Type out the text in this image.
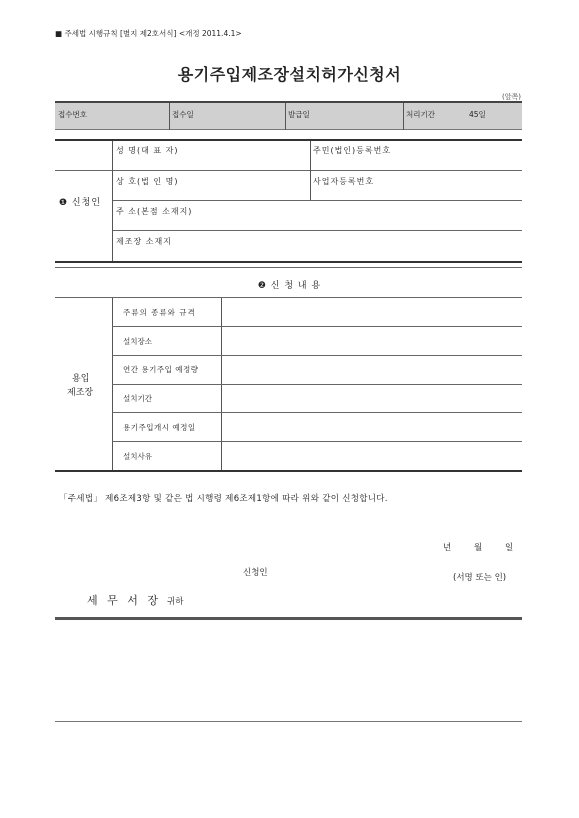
■ 주세법 시행규칙 [별지 제2호서식] <개정 2011.4.1>
용기주입제조장설치허가신청서
(앞쪽)
접수번호	접수일	발급일	처리기간	45일
❶ 신청인
성 명(대 표 자)	주민(법인)등록번호
상 호(법 인 명)	사업자등록번호
주 소(본점 소재지)
제조장 소재지
❷ 신 청 내 용
용입
제조장
주류의 종류와 규격
설치장소
연간 용기주입 예정량
설치기간
용기주입개시 예정일
설치사유
「주세법」 제6조제3항 및 같은 법 시행령 제6조제1항에 따라 위와 같이 신청합니다.
년	월	일
신청인	(서명 또는 인)
세 무 서 장 귀하
